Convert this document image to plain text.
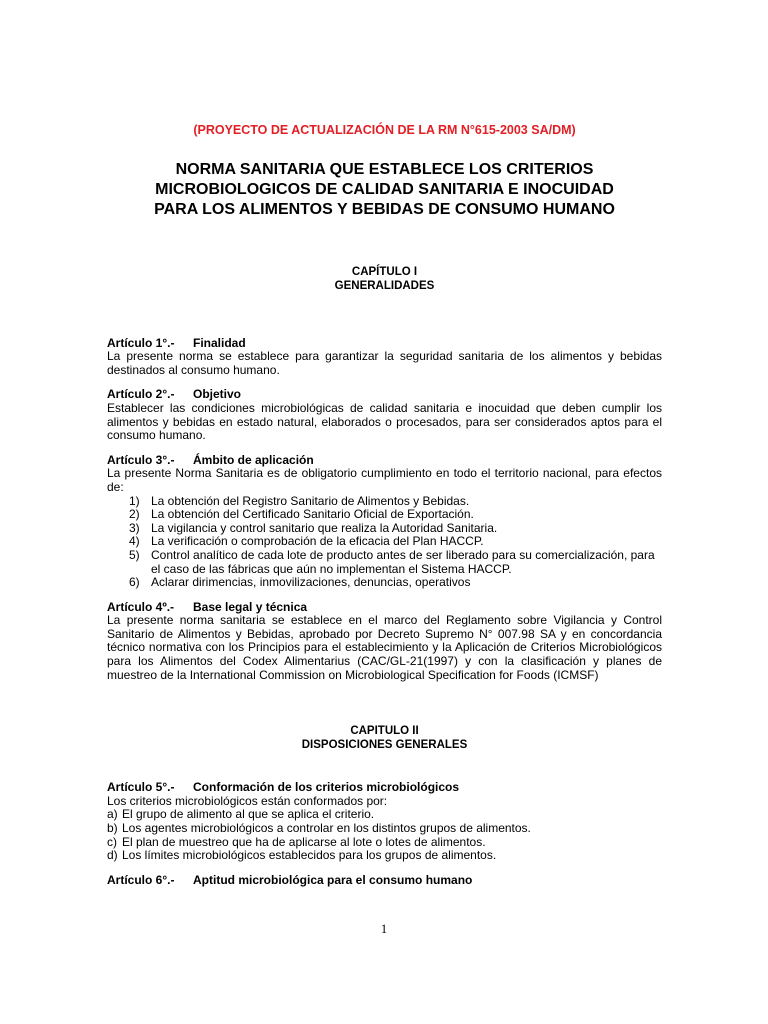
(PROYECTO DE ACTUALIZACIÓN DE LA RM N°615-2003 SA/DM)
NORMA SANITARIA QUE ESTABLECE LOS CRITERIOS
MICROBIOLOGICOS DE CALIDAD SANITARIA E INOCUIDAD
PARA LOS ALIMENTOS Y BEBIDAS DE CONSUMO HUMANO
CAPÍTULO I
GENERALIDADES
Artículo 1°.- Finalidad

La presente norma se establece para garantizar la seguridad sanitaria de los alimentos y bebidas destinados al consumo humano.

Artículo 2°.- Objetivo

Establecer las condiciones microbiológicas de calidad sanitaria e inocuidad que deben cumplir los alimentos y bebidas en estado natural, elaborados o procesados, para ser considerados aptos para el consumo humano.

Artículo 3°.- Ámbito de aplicación

La presente Norma Sanitaria es de obligatorio cumplimiento en todo el territorio nacional, para efectos de:

1) La obtención del Registro Sanitario de Alimentos y Bebidas.
2) La obtención del Certificado Sanitario Oficial de Exportación.
3) La vigilancia y control sanitario que realiza la Autoridad Sanitaria.
4) La verificación o comprobación de la eficacia del Plan HACCP.
5) Control analítico de cada lote de producto antes de ser liberado para su comercialización, para el caso de las fábricas que aún no implementan el Sistema HACCP.
6) Aclarar dirimencias, inmovilizaciones, denuncias, operativos
Artículo 4º.- Base legal y técnica

La presente norma sanitaria se establece en el marco del Reglamento sobre Vigilancia y Control Sanitario de Alimentos y Bebidas, aprobado por Decreto Supremo N° 007.98 SA y en concordancia técnico normativa con los Principios para el establecimiento y la Aplicación de Criterios Microbiológicos para los Alimentos del Codex Alimentarius (CAC/GL-21(1997) y con la clasificación y planes de muestreo de la International Commission on Microbiological Specification for Foods (ICMSF)

CAPITULO II
DISPOSICIONES GENERALES
Artículo 5°.- Conformación de los criterios microbiológicos

Los criterios microbiológicos están conformados por:

a) El grupo de alimento al que se aplica el criterio.
b) Los agentes microbiológicos a controlar en los distintos grupos de alimentos.
c) El plan de muestreo que ha de aplicarse al lote o lotes de alimentos.
d) Los límites microbiológicos establecidos para los grupos de alimentos.
Artículo 6°.- Aptitud microbiológica para el consumo humano
1
